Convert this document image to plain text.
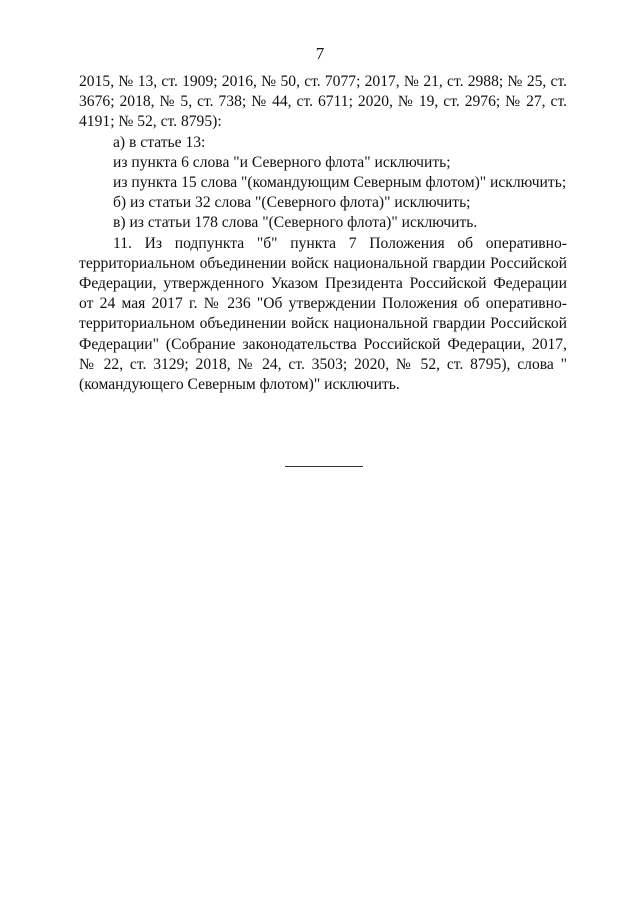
7

2015, № 13, ст. 1909; 2016, № 50, ст. 7077; 2017, № 21, ст. 2988; № 25, ст. 3676; 2018, № 5, ст. 738; № 44, ст. 6711; 2020, № 19, ст. 2976; № 27, ст. 4191; № 52, ст. 8795):

а) в статье 13:

из пункта 6 слова "и Северного флота" исключить;

из пункта 15 слова "(командующим Северным флотом)" исключить;

б) из статьи 32 слова "(Северного флота)" исключить;

в) из статьи 178 слова "(Северного флота)" исключить.

11. Из подпункта "б" пункта 7 Положения об оперативно-территориальном объединении войск национальной гвардии Российской Федерации, утвержденного Указом Президента Российской Федерации от 24 мая 2017 г. № 236 "Об утверждении Положения об оперативно-территориальном объединении войск национальной гвардии Российской Федерации" (Собрание законодательства Российской Федерации, 2017, № 22, ст. 3129; 2018, № 24, ст. 3503; 2020, № 52, ст. 8795), слова "(командующего Северным флотом)" исключить.
